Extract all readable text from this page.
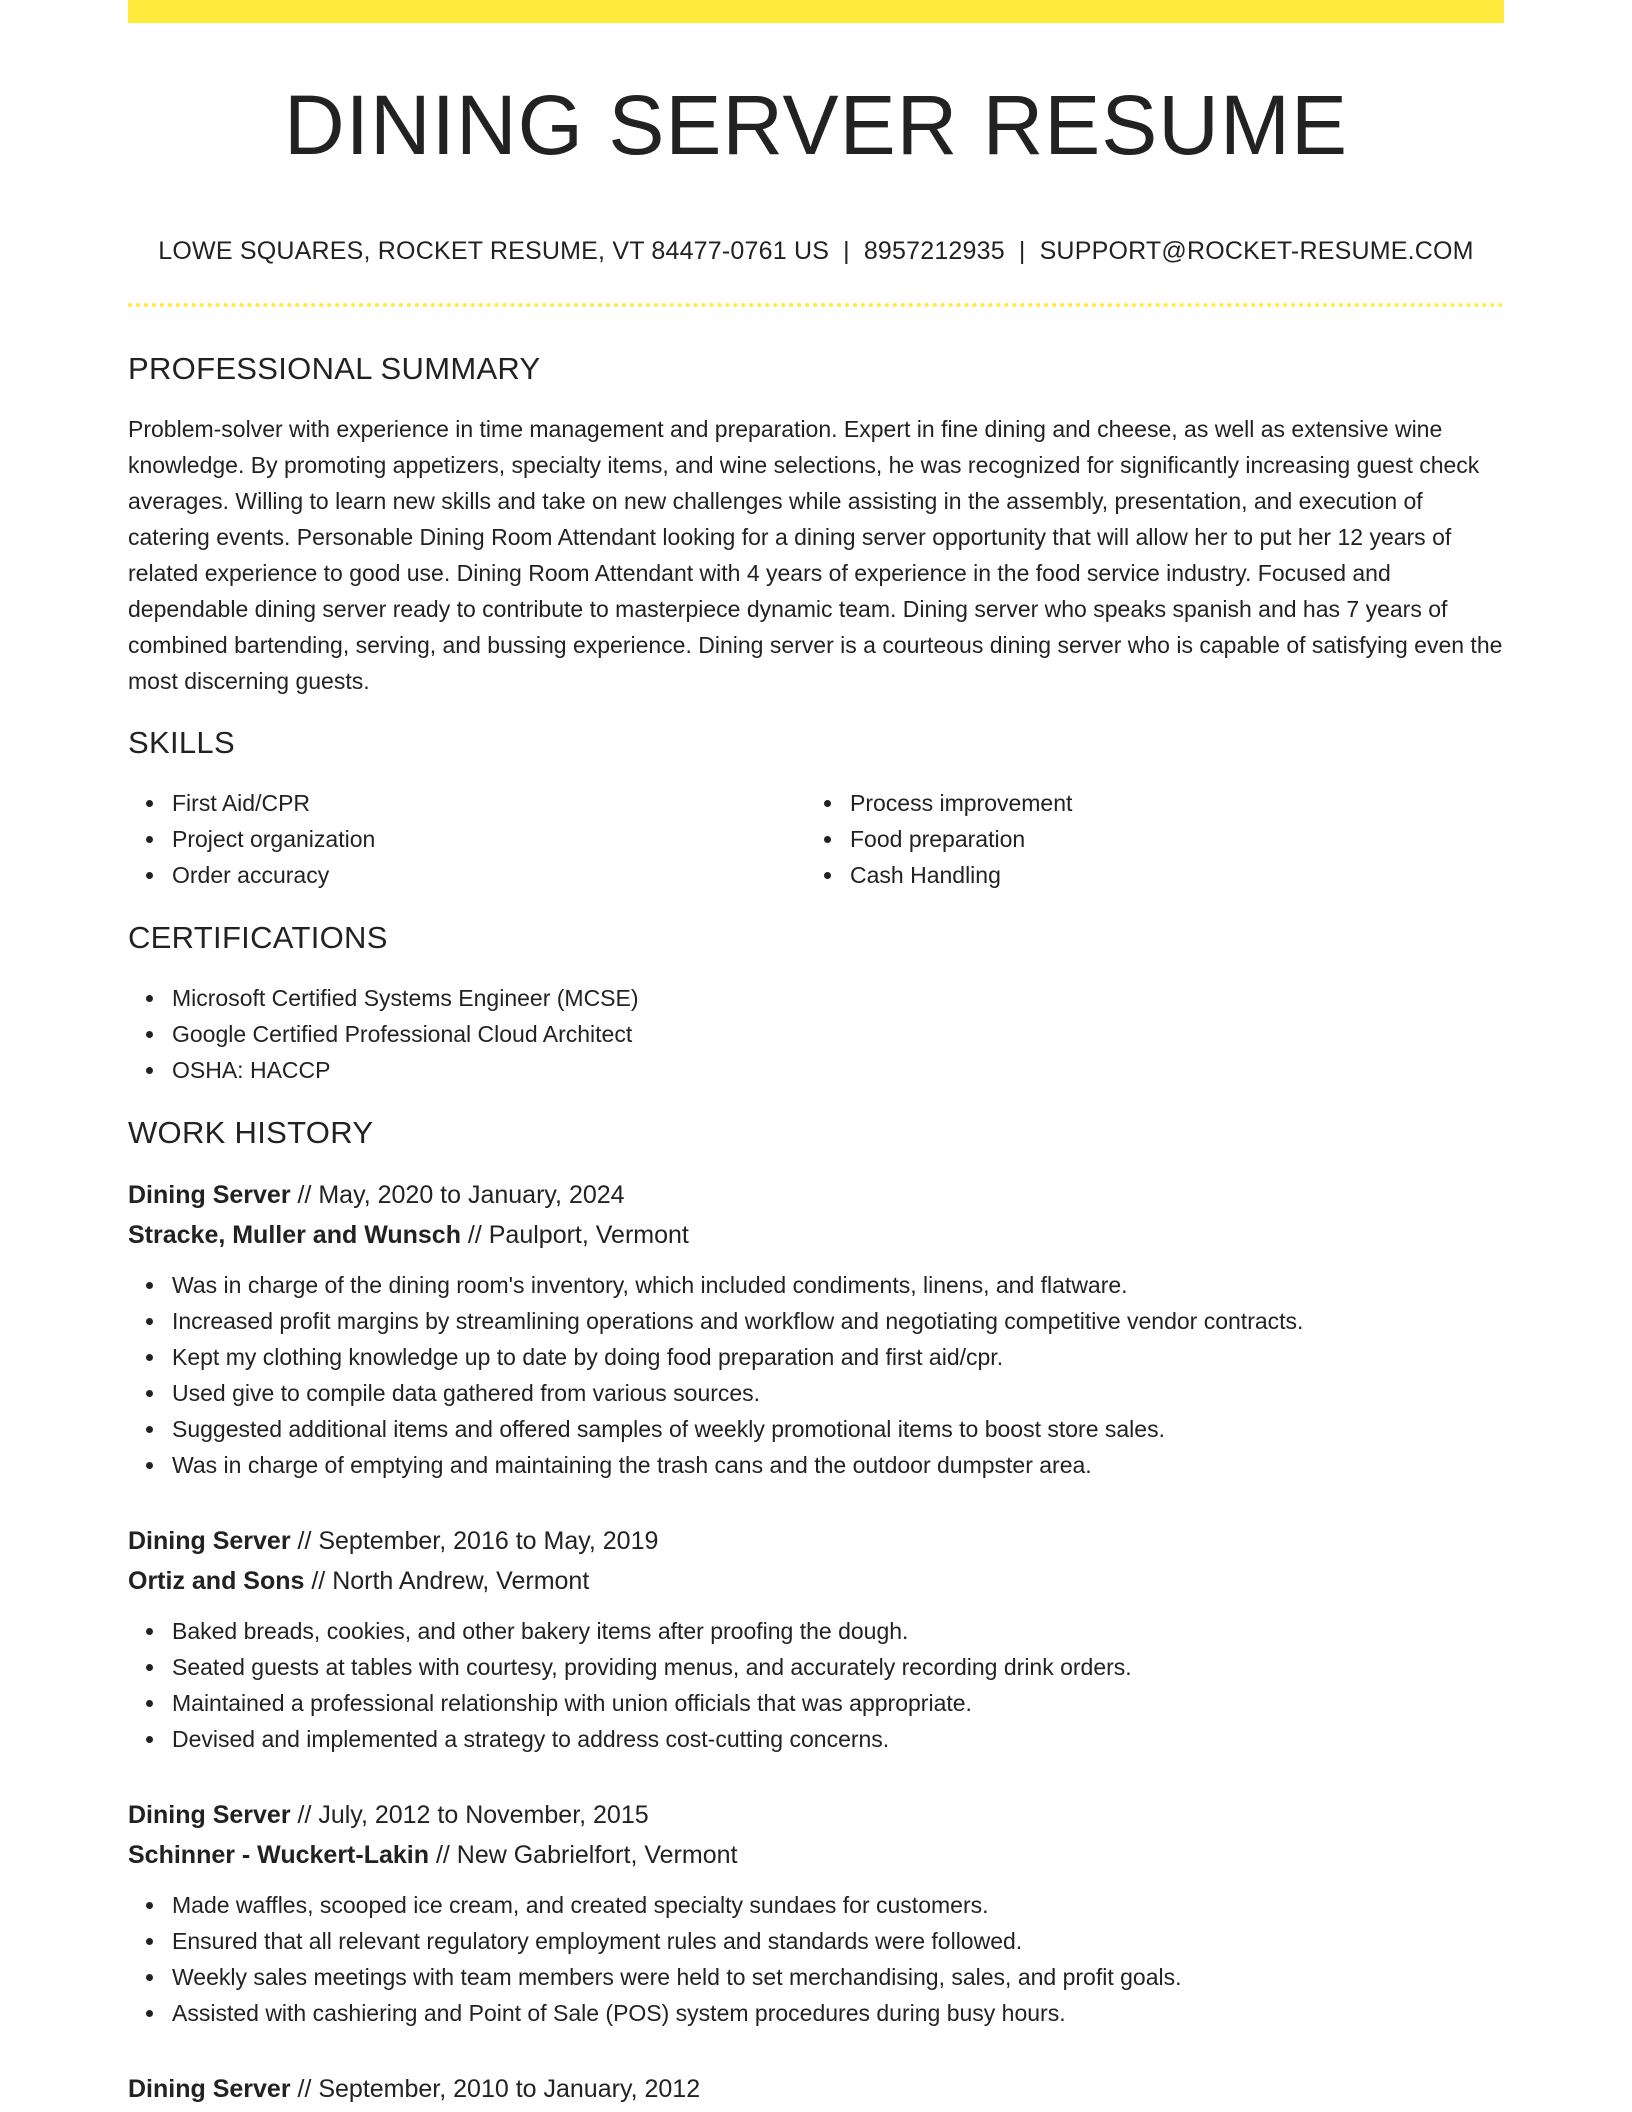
DINING SERVER RESUME
LOWE SQUARES, ROCKET RESUME, VT 84477-0761 US | 8957212935 | SUPPORT@ROCKET-RESUME.COM
PROFESSIONAL SUMMARY
Problem-solver with experience in time management and preparation. Expert in fine dining and cheese, as well as extensive wine knowledge. By promoting appetizers, specialty items, and wine selections, he was recognized for significantly increasing guest check averages. Willing to learn new skills and take on new challenges while assisting in the assembly, presentation, and execution of catering events. Personable Dining Room Attendant looking for a dining server opportunity that will allow her to put her 12 years of related experience to good use. Dining Room Attendant with 4 years of experience in the food service industry. Focused and dependable dining server ready to contribute to masterpiece dynamic team. Dining server who speaks spanish and has 7 years of combined bartending, serving, and bussing experience. Dining server is a courteous dining server who is capable of satisfying even the most discerning guests.
SKILLS
First Aid/CPR
Project organization
Order accuracy
Process improvement
Food preparation
Cash Handling
CERTIFICATIONS
Microsoft Certified Systems Engineer (MCSE)
Google Certified Professional Cloud Architect
OSHA: HACCP
WORK HISTORY
Dining Server // May, 2020 to January, 2024
Stracke, Muller and Wunsch // Paulport, Vermont
Was in charge of the dining room's inventory, which included condiments, linens, and flatware.
Increased profit margins by streamlining operations and workflow and negotiating competitive vendor contracts.
Kept my clothing knowledge up to date by doing food preparation and first aid/cpr.
Used give to compile data gathered from various sources.
Suggested additional items and offered samples of weekly promotional items to boost store sales.
Was in charge of emptying and maintaining the trash cans and the outdoor dumpster area.
Dining Server // September, 2016 to May, 2019
Ortiz and Sons // North Andrew, Vermont
Baked breads, cookies, and other bakery items after proofing the dough.
Seated guests at tables with courtesy, providing menus, and accurately recording drink orders.
Maintained a professional relationship with union officials that was appropriate.
Devised and implemented a strategy to address cost-cutting concerns.
Dining Server // July, 2012 to November, 2015
Schinner - Wuckert-Lakin // New Gabrielfort, Vermont
Made waffles, scooped ice cream, and created specialty sundaes for customers.
Ensured that all relevant regulatory employment rules and standards were followed.
Weekly sales meetings with team members were held to set merchandising, sales, and profit goals.
Assisted with cashiering and Point of Sale (POS) system procedures during busy hours.
Dining Server // September, 2010 to January, 2012
